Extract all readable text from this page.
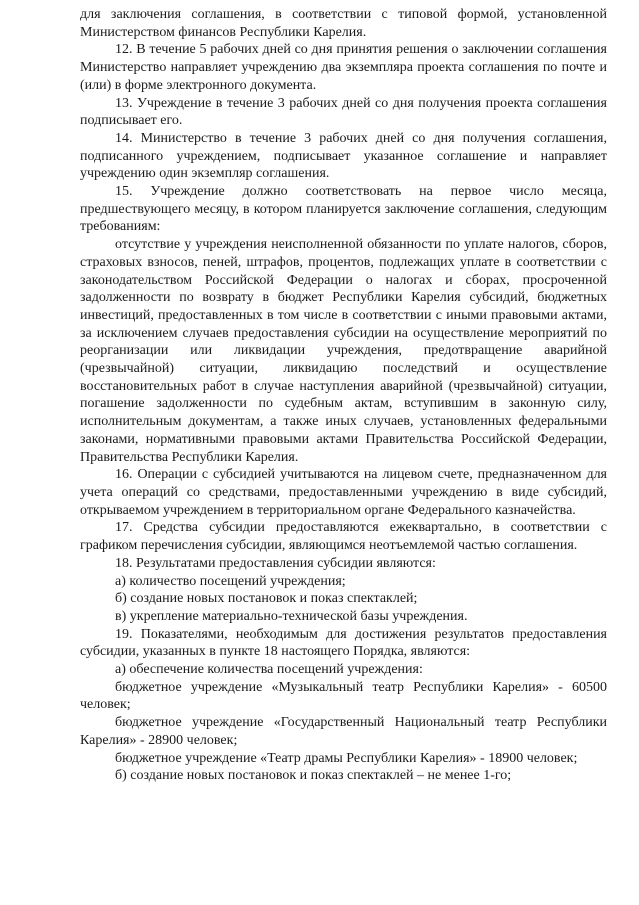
для заключения соглашения, в соответствии с типовой формой, установленной Министерством финансов Республики Карелия.

12. В течение 5 рабочих дней со дня принятия решения о заключении соглашения Министерство направляет учреждению два экземпляра проекта соглашения по почте и (или) в форме электронного документа.

13. Учреждение в течение 3 рабочих дней со дня получения проекта соглашения подписывает его.

14. Министерство в течение 3 рабочих дней со дня получения соглашения, подписанного учреждением, подписывает указанное соглашение и направляет учреждению один экземпляр соглашения.

15. Учреждение должно соответствовать на первое число месяца, предшествующего месяцу, в котором планируется заключение соглашения, следующим требованиям:

отсутствие у учреждения неисполненной обязанности по уплате налогов, сборов, страховых взносов, пеней, штрафов, процентов, подлежащих уплате в соответствии с законодательством Российской Федерации о налогах и сборах, просроченной задолженности по возврату в бюджет Республики Карелия субсидий, бюджетных инвестиций, предоставленных в том числе в соответствии с иными правовыми актами, за исключением случаев предоставления субсидии на осуществление мероприятий по реорганизации или ликвидации учреждения, предотвращение аварийной (чрезвычайной) ситуации, ликвидацию последствий и осуществление восстановительных работ в случае наступления аварийной (чрезвычайной) ситуации, погашение задолженности по судебным актам, вступившим в законную силу, исполнительным документам, а также иных случаев, установленных федеральными законами, нормативными правовыми актами Правительства Российской Федерации, Правительства Республики Карелия.

16. Операции с субсидией учитываются на лицевом счете, предназначенном для учета операций со средствами, предоставленными учреждению в виде субсидий, открываемом учреждением в территориальном органе Федерального казначейства.

17. Средства субсидии предоставляются ежеквартально, в соответствии с графиком перечисления субсидии, являющимся неотъемлемой частью соглашения.

18. Результатами предоставления субсидии являются:

а) количество посещений учреждения;

б) создание новых постановок и показ спектаклей;

в) укрепление материально-технической базы учреждения.

19. Показателями, необходимым для достижения результатов предоставления субсидии, указанных в пункте 18 настоящего Порядка, являются:

а) обеспечение количества посещений учреждения:

бюджетное учреждение «Музыкальный театр Республики Карелия» - 60500 человек;

бюджетное учреждение «Государственный Национальный театр Республики Карелия» - 28900 человек;

бюджетное учреждение «Театр драмы Республики Карелия» - 18900 человек;

б) создание новых постановок и показ спектаклей – не менее 1-го;
